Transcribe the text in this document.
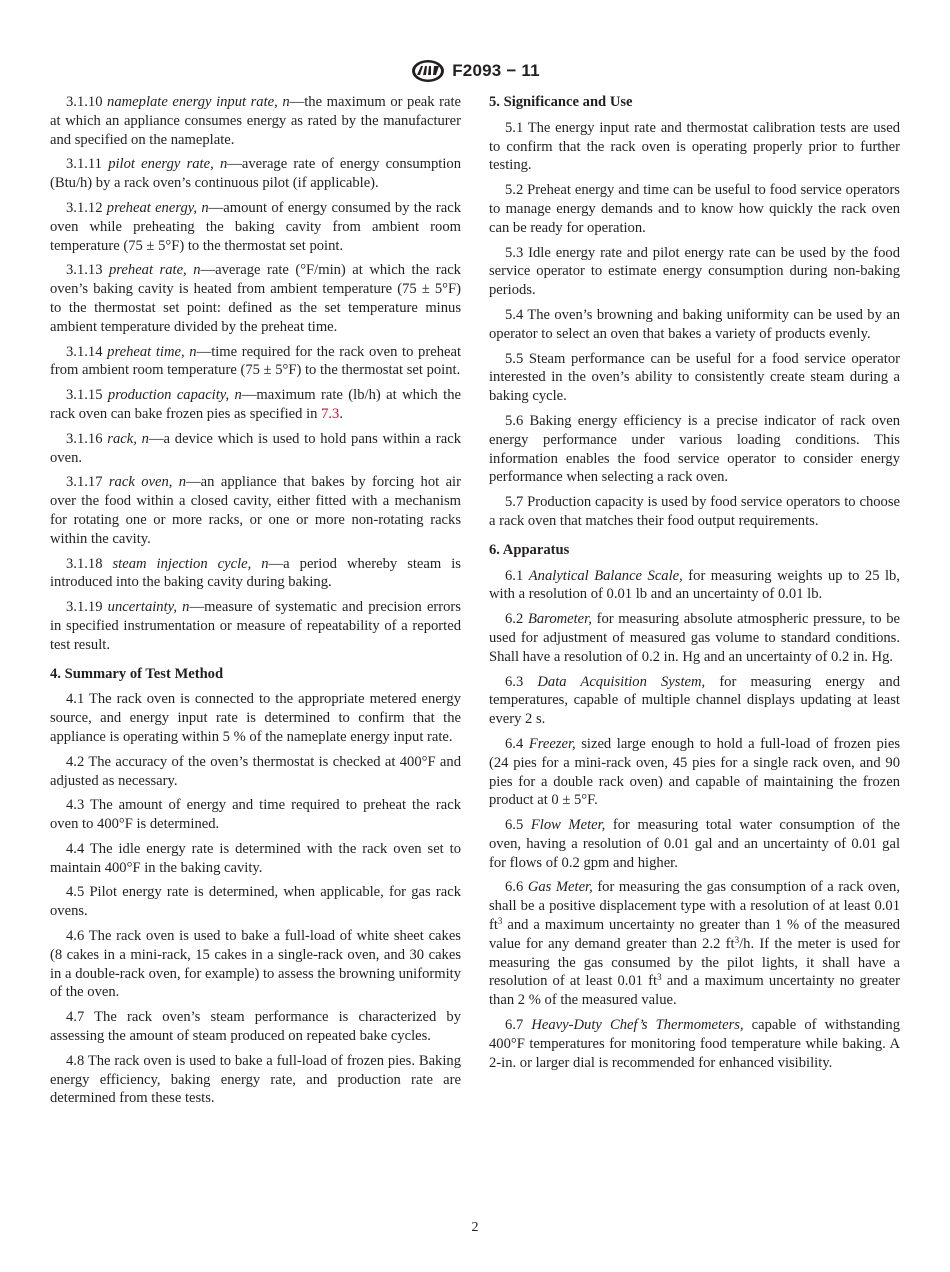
F2093 − 11

3.1.10 nameplate energy input rate, n—the maximum or peak rate at which an appliance consumes energy as rated by the manufacturer and specified on the nameplate.

3.1.11 pilot energy rate, n—average rate of energy consumption (Btu/h) by a rack oven’s continuous pilot (if applicable).

3.1.12 preheat energy, n—amount of energy consumed by the rack oven while preheating the baking cavity from ambient room temperature (75 ± 5°F) to the thermostat set point.

3.1.13 preheat rate, n—average rate (°F/min) at which the rack oven’s baking cavity is heated from ambient temperature (75 ± 5°F) to the thermostat set point: defined as the set temperature minus ambient temperature divided by the preheat time.

3.1.14 preheat time, n—time required for the rack oven to preheat from ambient room temperature (75 ± 5°F) to the thermostat set point.

3.1.15 production capacity, n—maximum rate (lb/h) at which the rack oven can bake frozen pies as specified in 7.3.

3.1.16 rack, n—a device which is used to hold pans within a rack oven.

3.1.17 rack oven, n—an appliance that bakes by forcing hot air over the food within a closed cavity, either fitted with a mechanism for rotating one or more racks, or one or more non-rotating racks within the cavity.

3.1.18 steam injection cycle, n—a period whereby steam is introduced into the baking cavity during baking.

3.1.19 uncertainty, n—measure of systematic and precision errors in specified instrumentation or measure of repeatability of a reported test result.

4. Summary of Test Method

4.1 The rack oven is connected to the appropriate metered energy source, and energy input rate is determined to confirm that the appliance is operating within 5 % of the nameplate energy input rate.

4.2 The accuracy of the oven’s thermostat is checked at 400°F and adjusted as necessary.

4.3 The amount of energy and time required to preheat the rack oven to 400°F is determined.

4.4 The idle energy rate is determined with the rack oven set to maintain 400°F in the baking cavity.

4.5 Pilot energy rate is determined, when applicable, for gas rack ovens.

4.6 The rack oven is used to bake a full-load of white sheet cakes (8 cakes in a mini-rack, 15 cakes in a single-rack oven, and 30 cakes in a double-rack oven, for example) to assess the browning uniformity of the oven.

4.7 The rack oven’s steam performance is characterized by assessing the amount of steam produced on repeated bake cycles.

4.8 The rack oven is used to bake a full-load of frozen pies. Baking energy efficiency, baking energy rate, and production rate are determined from these tests.

5. Significance and Use

5.1 The energy input rate and thermostat calibration tests are used to confirm that the rack oven is operating properly prior to further testing.

5.2 Preheat energy and time can be useful to food service operators to manage energy demands and to know how quickly the rack oven can be ready for operation.

5.3 Idle energy rate and pilot energy rate can be used by the food service operator to estimate energy consumption during non-baking periods.

5.4 The oven’s browning and baking uniformity can be used by an operator to select an oven that bakes a variety of products evenly.

5.5 Steam performance can be useful for a food service operator interested in the oven’s ability to consistently create steam during a baking cycle.

5.6 Baking energy efficiency is a precise indicator of rack oven energy performance under various loading conditions. This information enables the food service operator to consider energy performance when selecting a rack oven.

5.7 Production capacity is used by food service operators to choose a rack oven that matches their food output requirements.

6. Apparatus

6.1 Analytical Balance Scale, for measuring weights up to 25 lb, with a resolution of 0.01 lb and an uncertainty of 0.01 lb.

6.2 Barometer, for measuring absolute atmospheric pressure, to be used for adjustment of measured gas volume to standard conditions. Shall have a resolution of 0.2 in. Hg and an uncertainty of 0.2 in. Hg.

6.3 Data Acquisition System, for measuring energy and temperatures, capable of multiple channel displays updating at least every 2 s.

6.4 Freezer, sized large enough to hold a full-load of frozen pies (24 pies for a mini-rack oven, 45 pies for a single rack oven, and 90 pies for a double rack oven) and capable of maintaining the frozen product at 0 ± 5°F.

6.5 Flow Meter, for measuring total water consumption of the oven, having a resolution of 0.01 gal and an uncertainty of 0.01 gal for flows of 0.2 gpm and higher.

6.6 Gas Meter, for measuring the gas consumption of a rack oven, shall be a positive displacement type with a resolution of at least 0.01 $ft^3$ and a maximum uncertainty no greater than 1 % of the measured value for any demand greater than 2.2 $ft^3/h$. If the meter is used for measuring the gas consumed by the pilot lights, it shall have a resolution of at least 0.01 $ft^3$ and a maximum uncertainty no greater than 2 % of the measured value.

6.7 Heavy-Duty Chef’s Thermometers, capable of withstanding 400°F temperatures for monitoring food temperature while baking. A 2-in. or larger dial is recommended for enhanced visibility.

2
